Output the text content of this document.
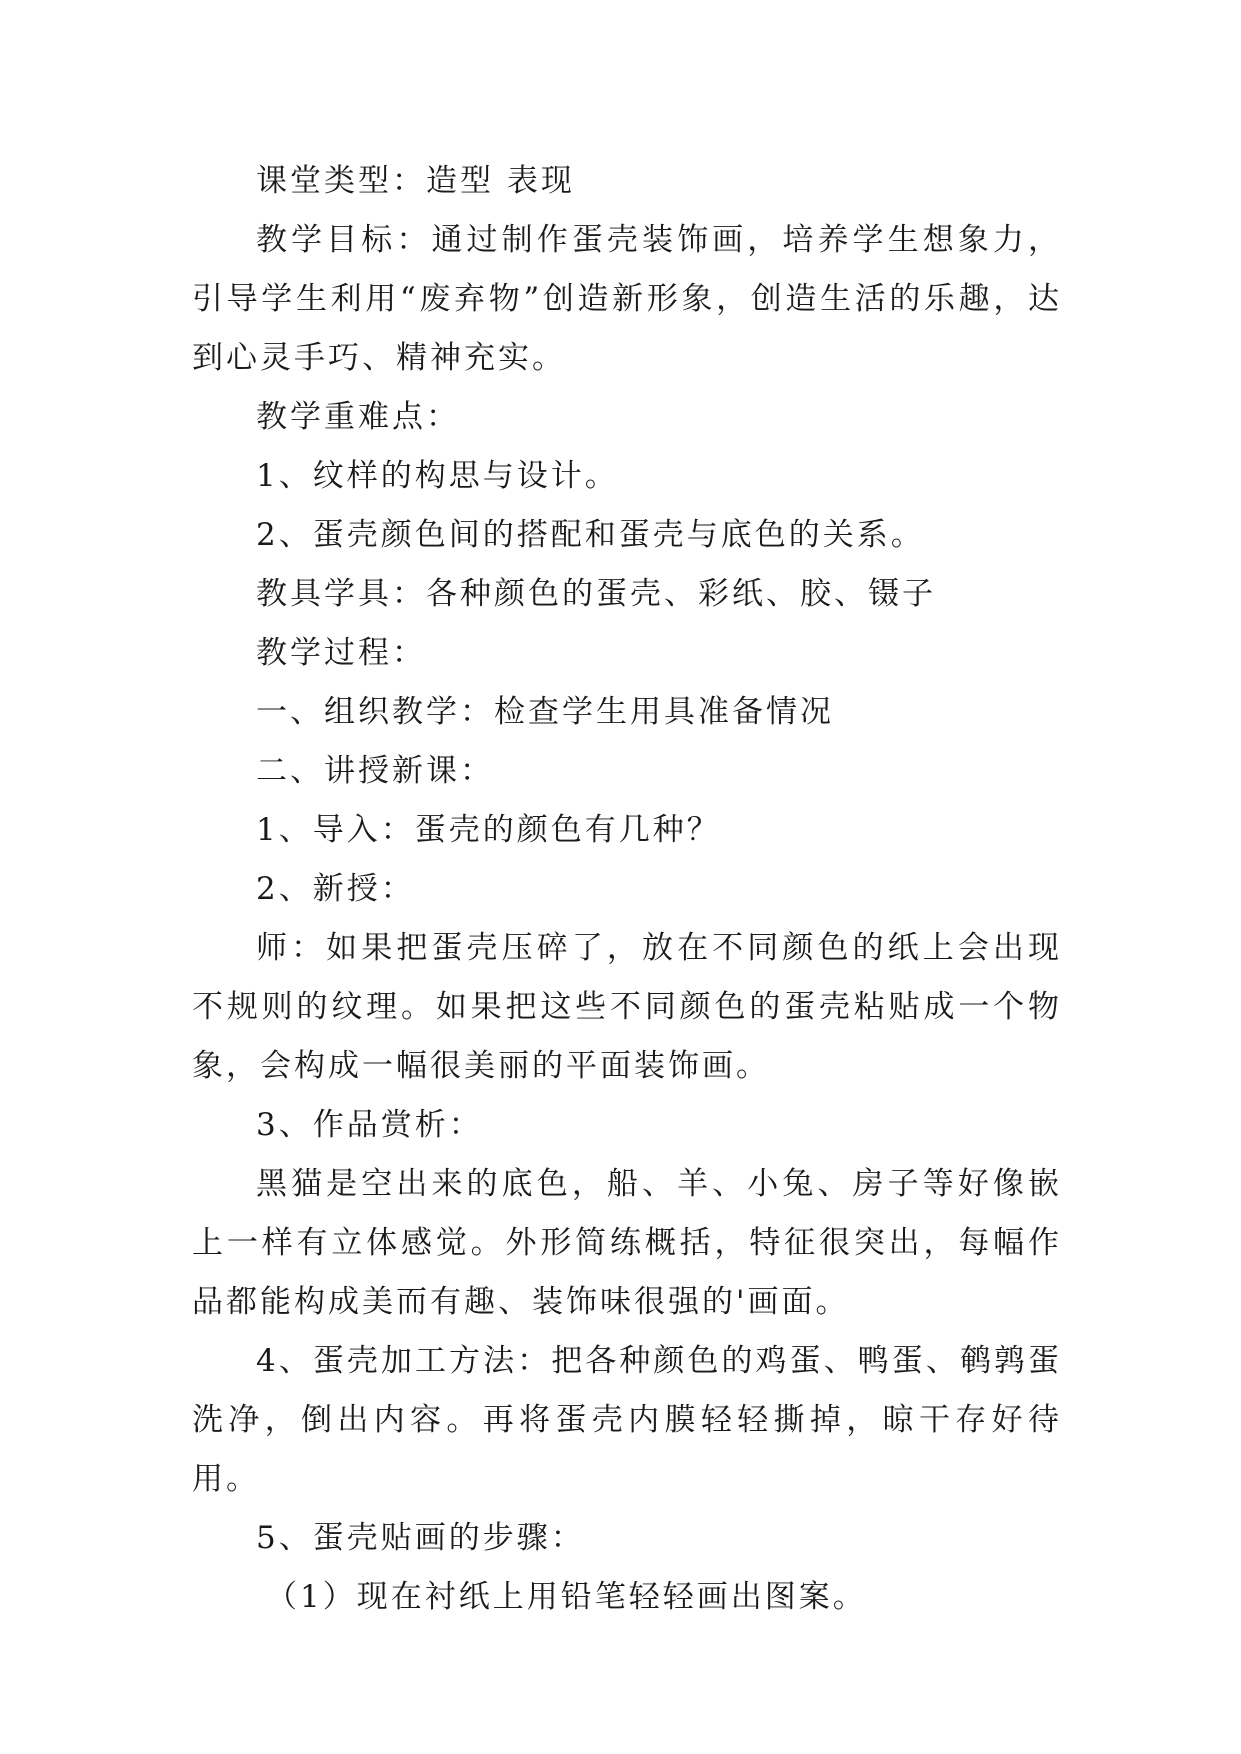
课堂类型：造型 表现

教学目标：通过制作蛋壳装饰画，培养学生想象力，引导学生利用“废弃物”创造新形象，创造生活的乐趣，达到心灵手巧、精神充实。

教学重难点：

1、纹样的构思与设计。

2、蛋壳颜色间的搭配和蛋壳与底色的关系。

教具学具：各种颜色的蛋壳、彩纸、胶、镊子

教学过程：

一、组织教学：检查学生用具准备情况

二、讲授新课：

1、导入：蛋壳的颜色有几种？

2、新授：

师：如果把蛋壳压碎了，放在不同颜色的纸上会出现不规则的纹理。如果把这些不同颜色的蛋壳粘贴成一个物象，会构成一幅很美丽的平面装饰画。

3、作品赏析：

黑猫是空出来的底色，船、羊、小兔、房子等好像嵌上一样有立体感觉。外形简练概括，特征很突出，每幅作品都能构成美而有趣、装饰味很强的'画面。

4、蛋壳加工方法：把各种颜色的鸡蛋、鸭蛋、鹌鹑蛋洗净，倒出内容。再将蛋壳内膜轻轻撕掉，晾干存好待用。

5、蛋壳贴画的步骤：

（1）现在衬纸上用铅笔轻轻画出图案。
